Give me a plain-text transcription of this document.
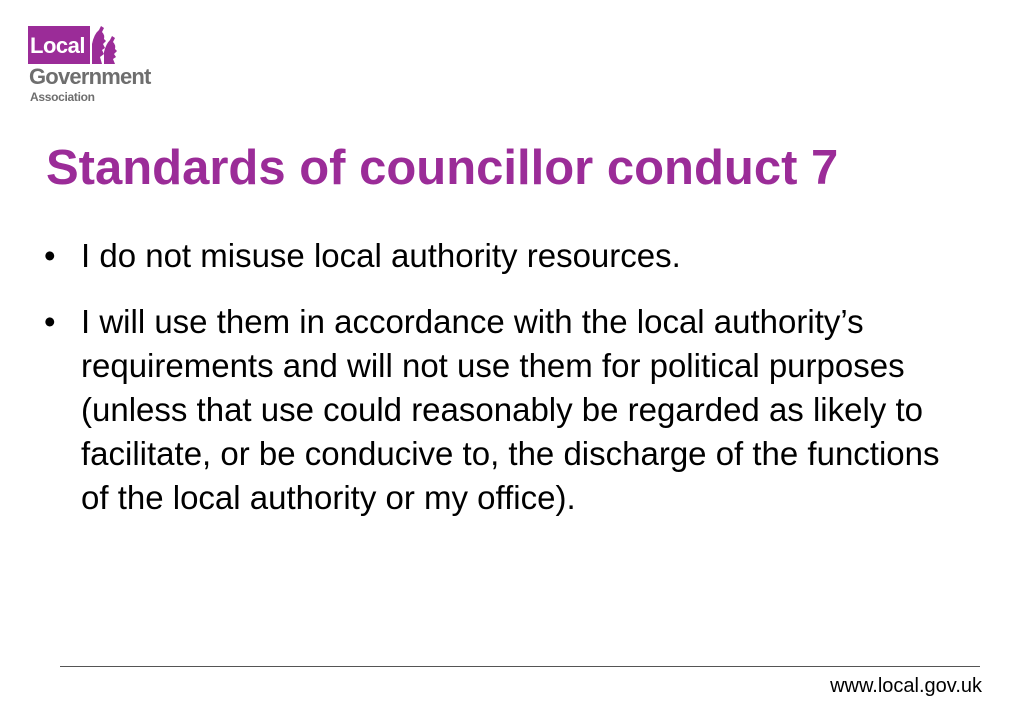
Local
Government
Association
Standards of councillor conduct 7
• I do not misuse local authority resources.
• I will use them in accordance with the local authority’s requirements and will not use them for political purposes (unless that use could reasonably be regarded as likely to facilitate, or be conducive to, the discharge of the functions of the local authority or my office).
www.local.gov.uk
